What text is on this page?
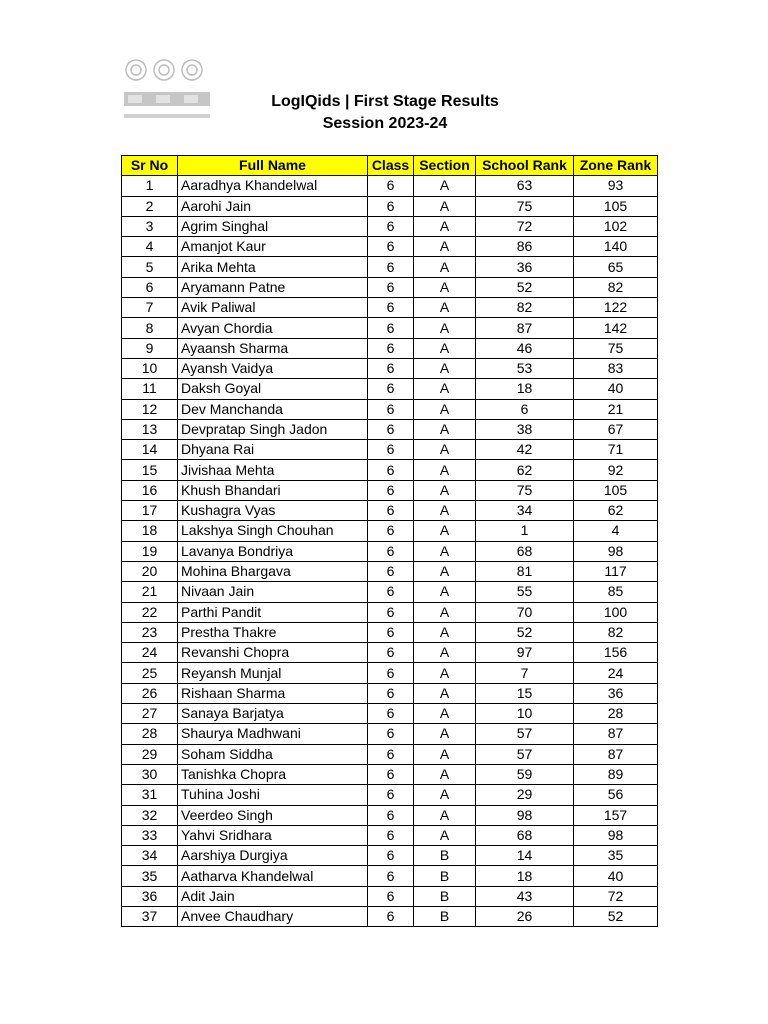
LogIQids | First Stage Results
Session 2023-24
Sr No	Full Name	Class	Section	School Rank	Zone Rank
1	Aaradhya Khandelwal	6	A	63	93
2	Aarohi Jain	6	A	75	105
3	Agrim Singhal	6	A	72	102
4	Amanjot Kaur	6	A	86	140
5	Arika Mehta	6	A	36	65
6	Aryamann Patne	6	A	52	82
7	Avik Paliwal	6	A	82	122
8	Avyan Chordia	6	A	87	142
9	Ayaansh Sharma	6	A	46	75
10	Ayansh Vaidya	6	A	53	83
11	Daksh Goyal	6	A	18	40
12	Dev Manchanda	6	A	6	21
13	Devpratap Singh Jadon	6	A	38	67
14	Dhyana Rai	6	A	42	71
15	Jivishaa Mehta	6	A	62	92
16	Khush Bhandari	6	A	75	105
17	Kushagra Vyas	6	A	34	62
18	Lakshya Singh Chouhan	6	A	1	4
19	Lavanya Bondriya	6	A	68	98
20	Mohina Bhargava	6	A	81	117
21	Nivaan Jain	6	A	55	85
22	Parthi Pandit	6	A	70	100
23	Prestha Thakre	6	A	52	82
24	Revanshi Chopra	6	A	97	156
25	Reyansh Munjal	6	A	7	24
26	Rishaan Sharma	6	A	15	36
27	Sanaya Barjatya	6	A	10	28
28	Shaurya Madhwani	6	A	57	87
29	Soham Siddha	6	A	57	87
30	Tanishka Chopra	6	A	59	89
31	Tuhina Joshi	6	A	29	56
32	Veerdeo Singh	6	A	98	157
33	Yahvi Sridhara	6	A	68	98
34	Aarshiya Durgiya	6	B	14	35
35	Aatharva Khandelwal	6	B	18	40
36	Adit Jain	6	B	43	72
37	Anvee Chaudhary	6	B	26	52
